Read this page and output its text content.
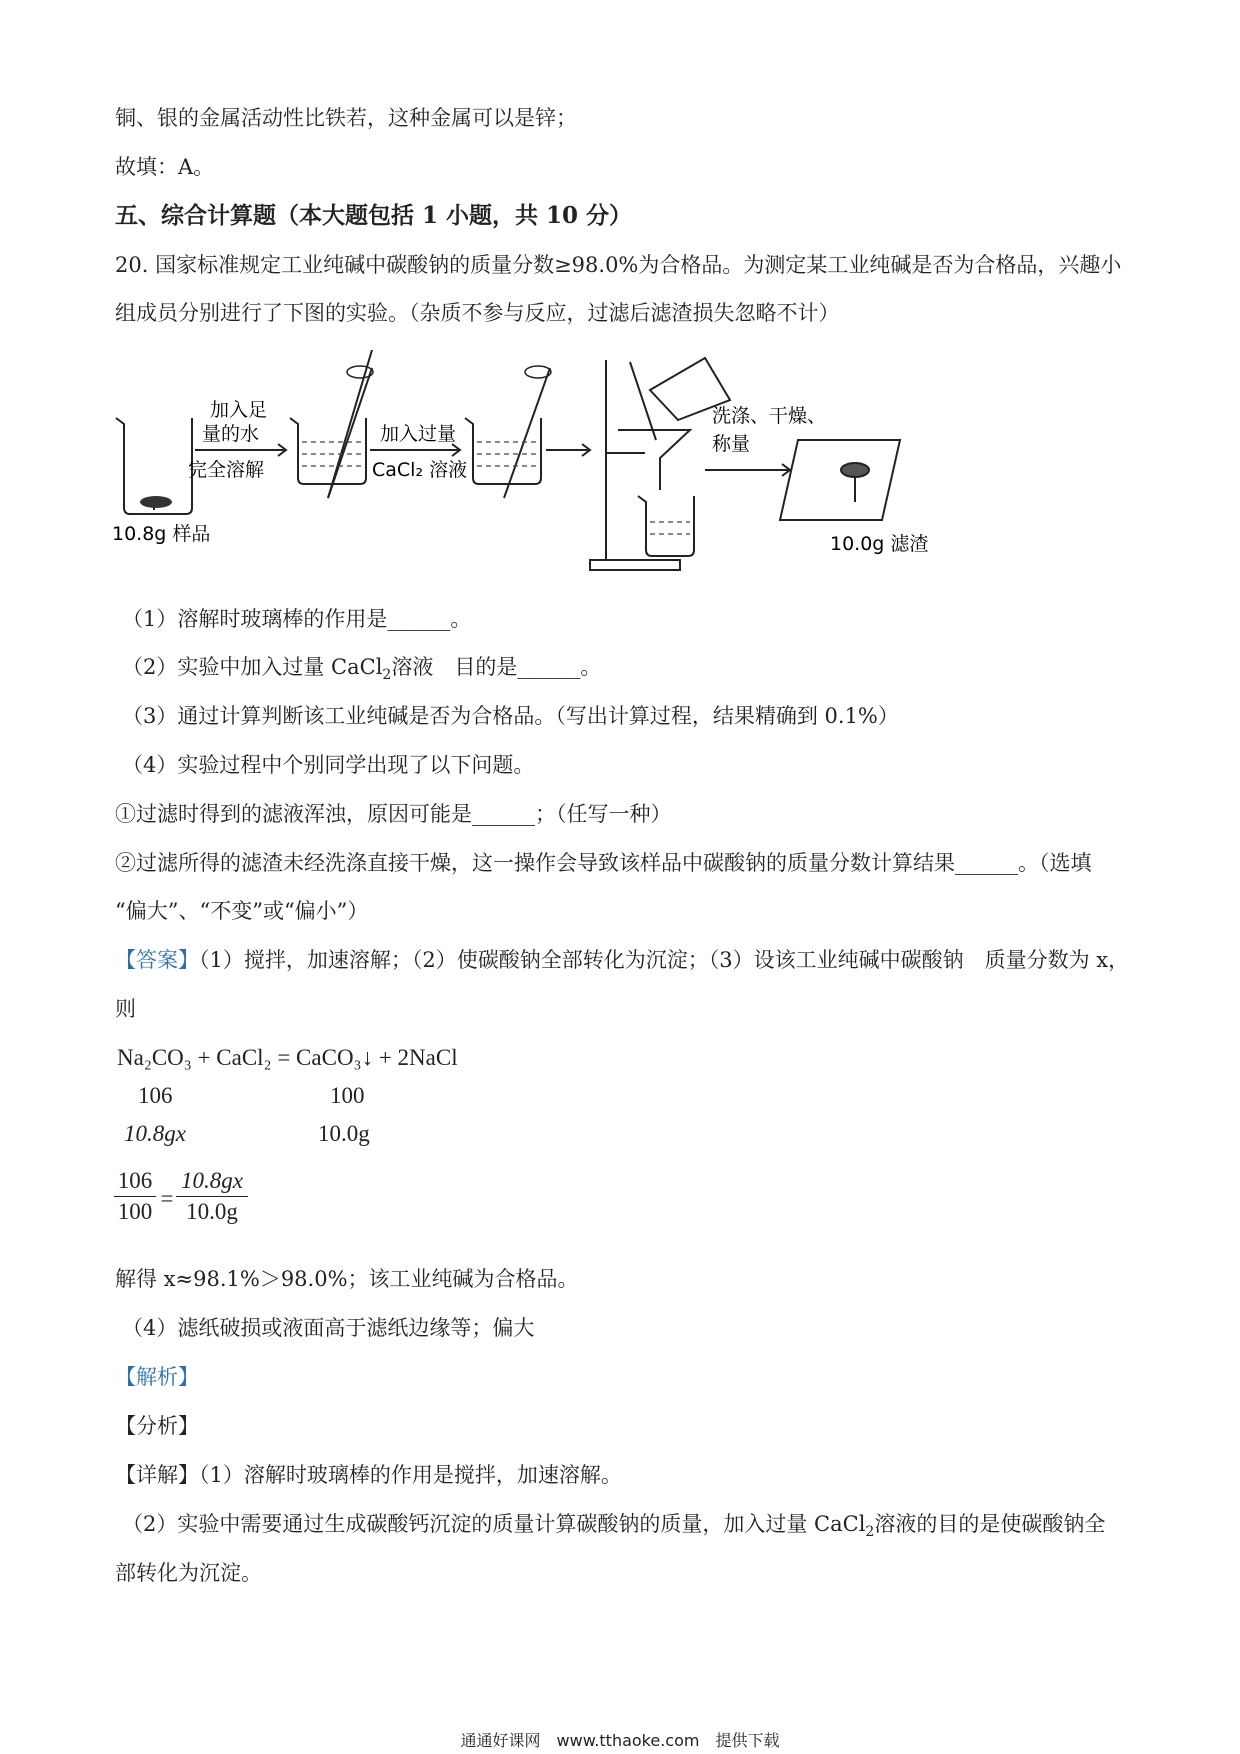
铜、银的金属活动性比铁若，这种金属可以是锌；
故填：A。
五、综合计算题（本大题包括 1 小题，共 10 分）
20. 国家标准规定工业纯碱中碳酸钠的质量分数≥98.0%为合格品。为测定某工业纯碱是否为合格品，兴趣小
组成员分别进行了下图的实验。（杂质不参与反应，过滤后滤渣损失忽略不计）
加入足
量的水
完全溶解
10.8g 样品
加入过量
CaCl₂ 溶液
洗涤、干燥、
称量
10.0g 滤渣
（1）溶解时玻璃棒的作用是______。
（2）实验中加入过量 CaCl$_2$溶液　目的是______。
（3）通过计算判断该工业纯碱是否为合格品。（写出计算过程，结果精确到 0.1%）
（4）实验过程中个别同学出现了以下问题。
①过滤时得到的滤液浑浊，原因可能是______；（任写一种）
②过滤所得的滤渣未经洗涤直接干燥，这一操作会导致该样品中碳酸钠的质量分数计算结果______。（选填
“偏大”、“不变”或“偏小”）
【答案】（1）搅拌，加速溶解；（2）使碳酸钠全部转化为沉淀；（3）设该工业纯碱中碳酸钠　质量分数为 x，
则
Na₂CO₃ + CaCl₂ = CaCO₃↓ + 2NaCl
106	100
10.8gx	10.0g
106
100
=
10.8gx
10.0g
解得 x≈98.1%＞98.0%；该工业纯碱为合格品。
（4）滤纸破损或液面高于滤纸边缘等；偏大
【解析】
【分析】
【详解】（1）溶解时玻璃棒的作用是搅拌，加速溶解。
（2）实验中需要通过生成碳酸钙沉淀的质量计算碳酸钠的质量，加入过量 CaCl$_2$溶液的目的是使碳酸钠全
部转化为沉淀。
通通好课网　www.tthaoke.com　提供下载
